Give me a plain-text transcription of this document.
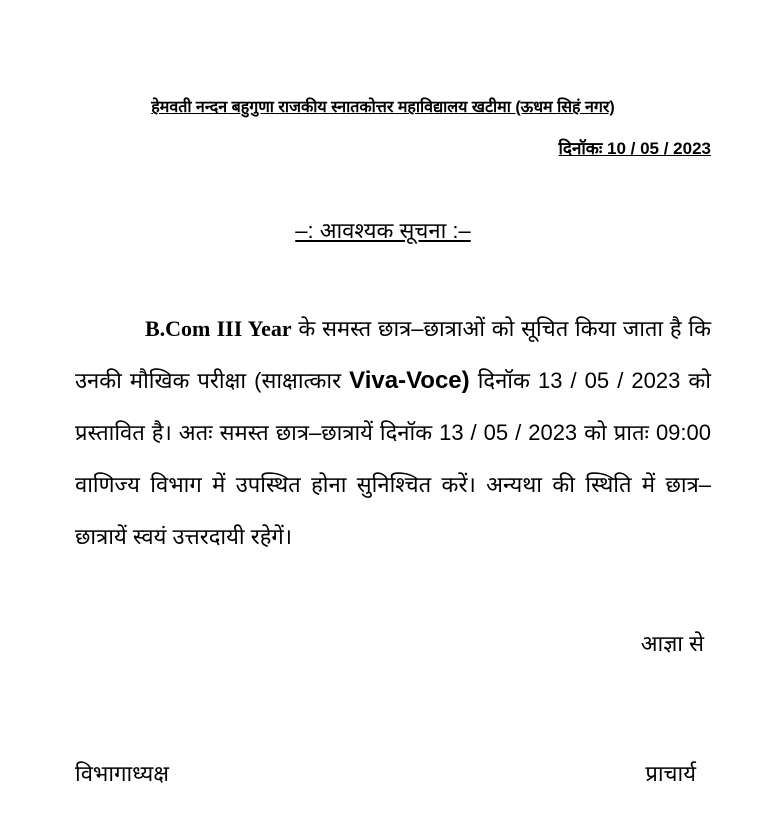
हेमवती नन्दन बहुगुणा राजकीय स्नातकोत्तर महाविद्यालय खटीमा (ऊधम सिहं नगर)
दिनॉकः 10 / 05 / 2023
–: आवश्यक सूचना :–
B.Com III Year के समस्त छात्र–छात्राओं को सूचित किया जाता है कि उनकी मौखिक परीक्षा (साक्षात्कार Viva-Voce) दिनॉक 13 / 05 / 2023 को प्रस्तावित है। अतः समस्त छात्र–छात्रायें दिनॉक 13 / 05 / 2023 को प्रातः 09:00 वाणिज्य विभाग में उपस्थित होना सुनिश्चित करें। अन्यथा की स्थिति में छात्र–छात्रायें स्वयं उत्तरदायी रहेगें।
आज्ञा से
विभागाध्यक्ष	प्राचार्य
